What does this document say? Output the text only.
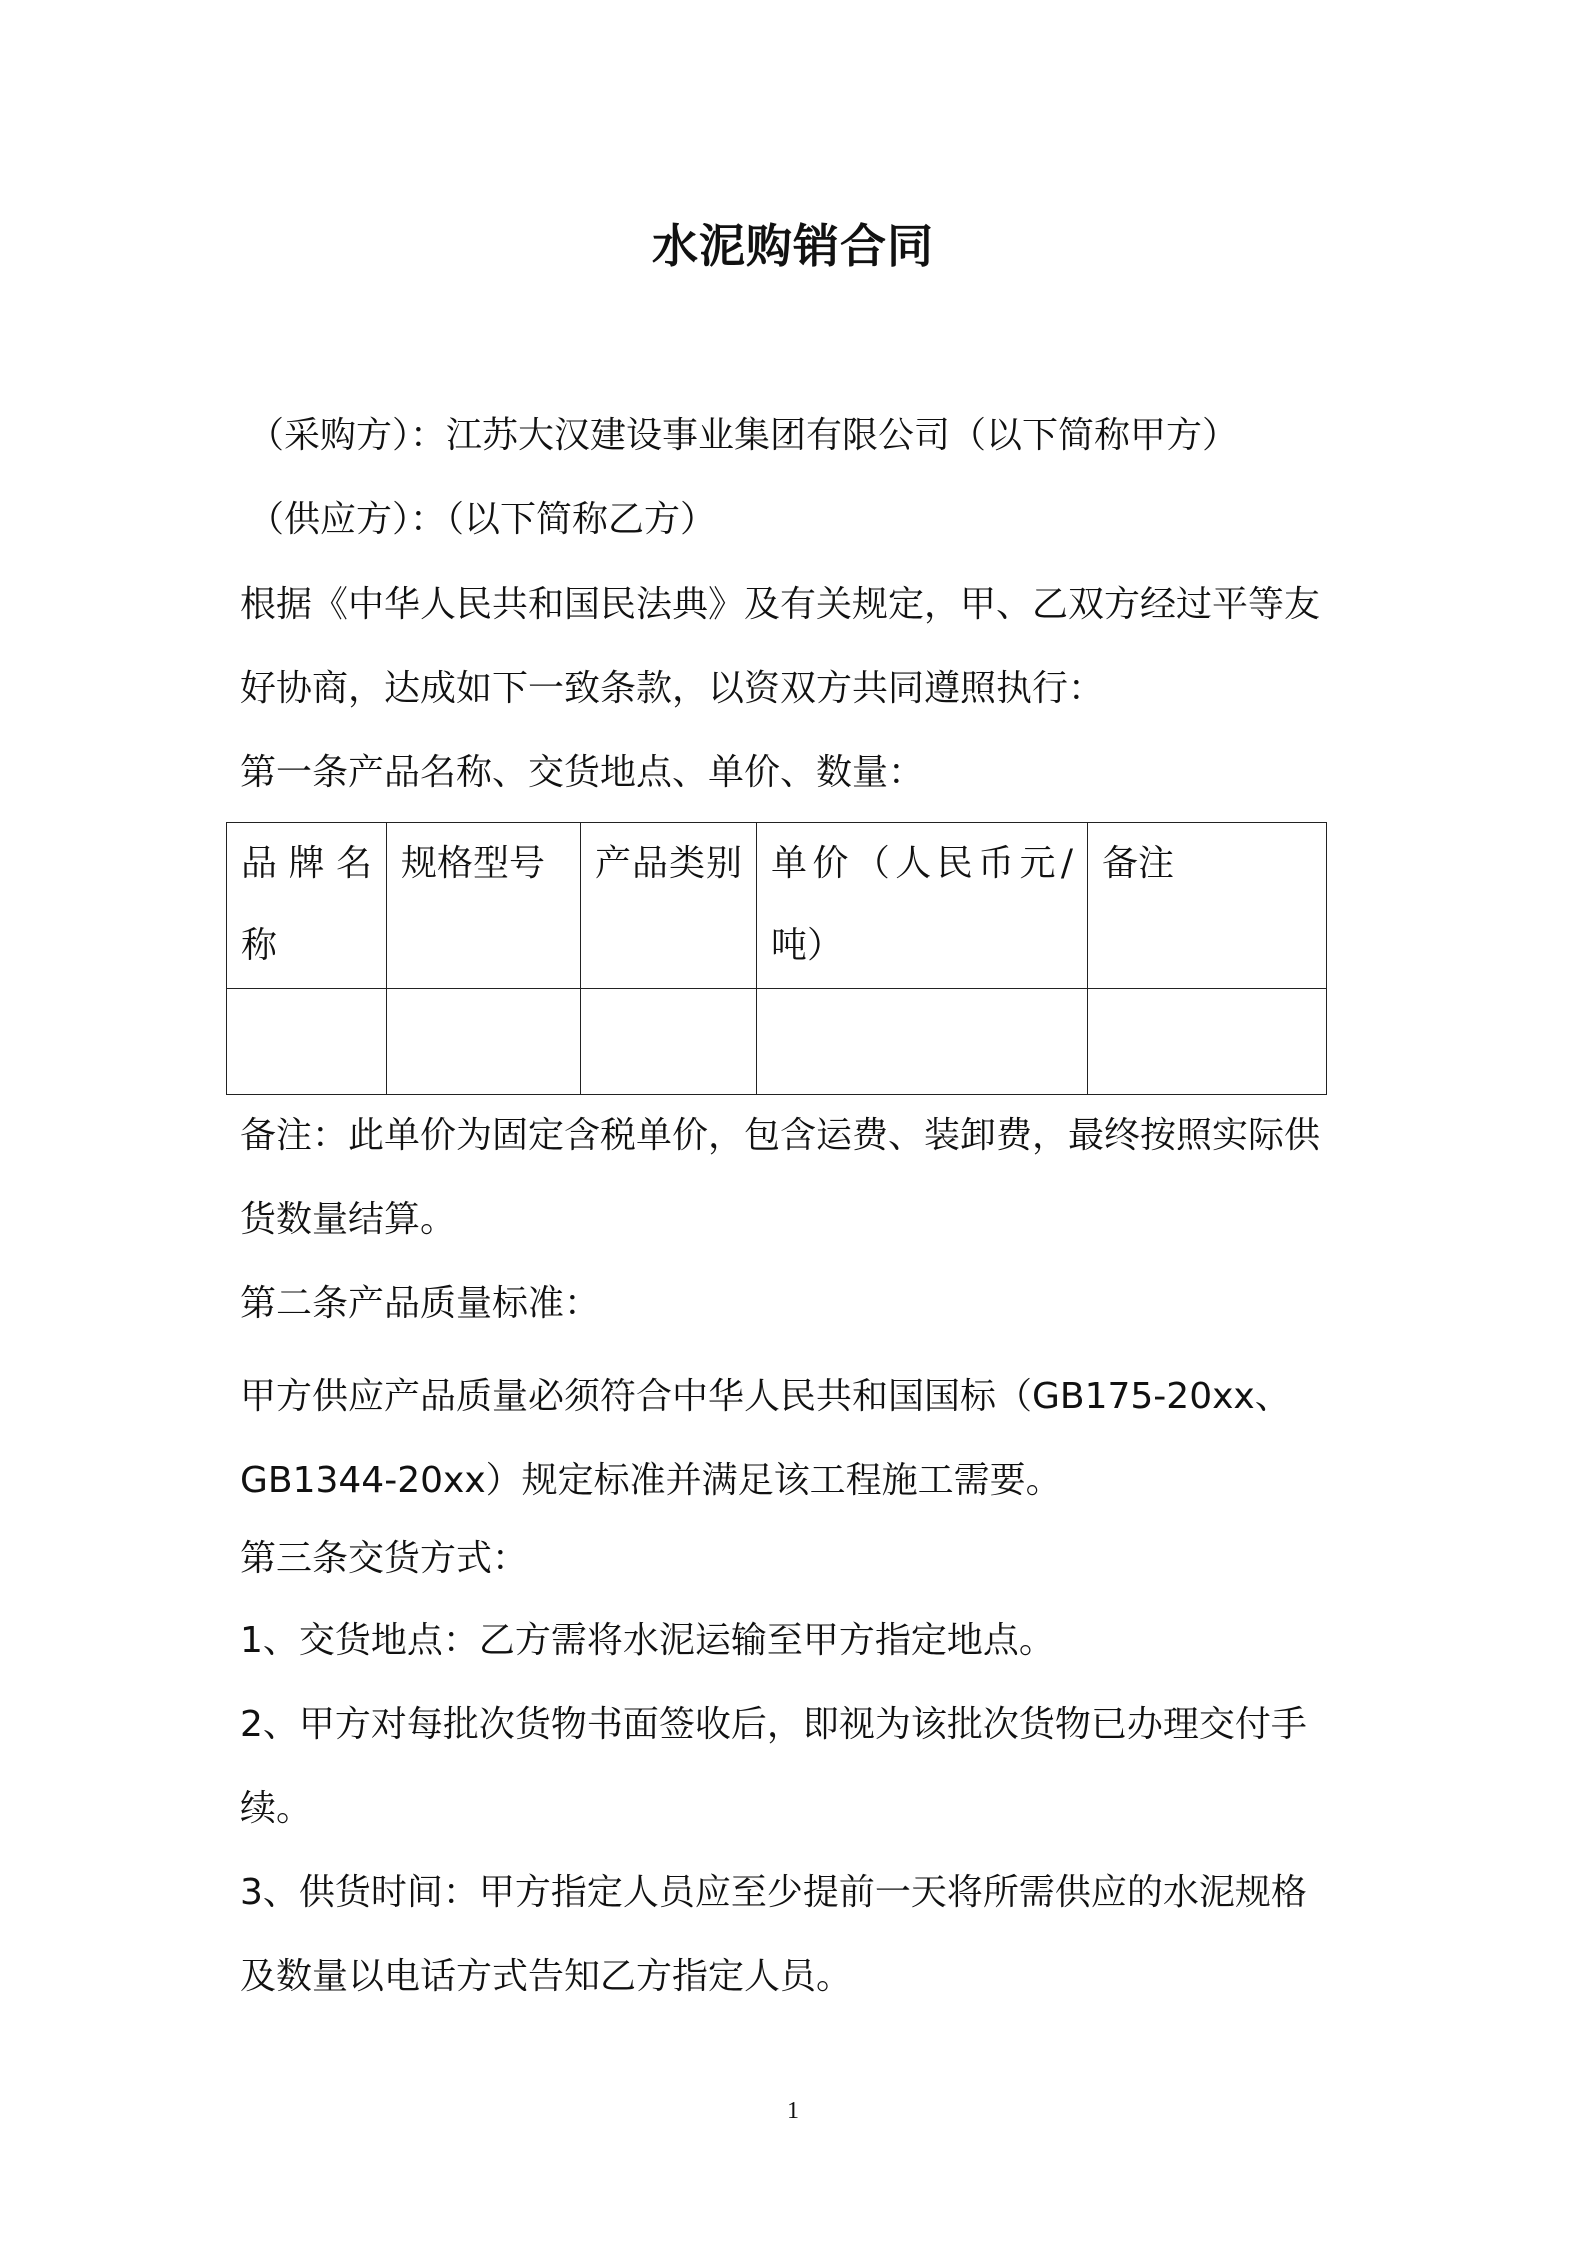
水泥购销合同
（采购方）：江苏大汉建设事业集团有限公司（以下简称甲方）
（供应方）：（以下简称乙方）
根据《中华人民共和国民法典》及有关规定，甲、乙双方经过平等友
好协商，达成如下一致条款，以资双方共同遵照执行：
第一条产品名称、交货地点、单价、数量：
品牌名称
规格型号	产品类别 单价（人民币元/吨）
备注
备注：此单价为固定含税单价，包含运费、装卸费，最终按照实际供
货数量结算。
第二条产品质量标准：
甲方供应产品质量必须符合中华人民共和国国标（GB175-20xx、
GB1344-20xx）规定标准并满足该工程施工需要。
第三条交货方式：
1、交货地点：乙方需将水泥运输至甲方指定地点。
2、甲方对每批次货物书面签收后，即视为该批次货物已办理交付手
续。
3、供货时间：甲方指定人员应至少提前一天将所需供应的水泥规格
及数量以电话方式告知乙方指定人员。
1
